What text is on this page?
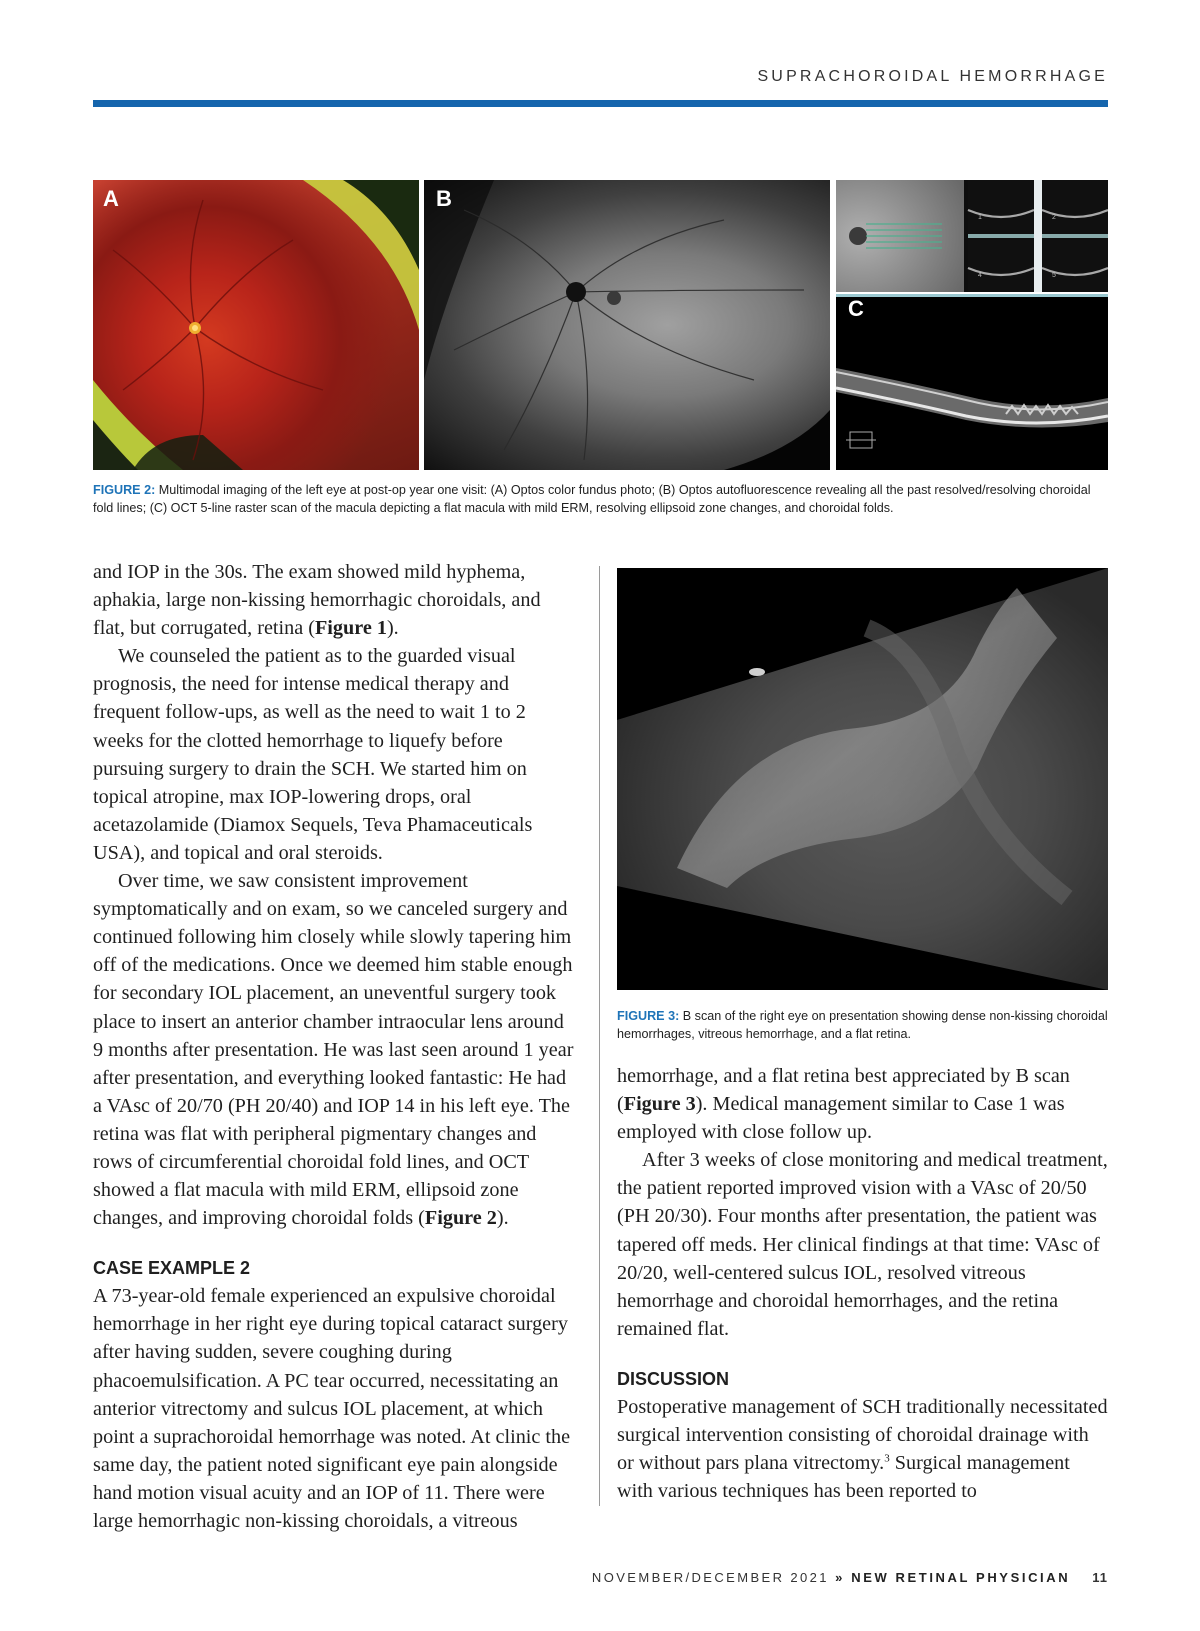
SUPRACHOROIDAL HEMORRHAGE
A	B
1	2
4	5
C
FIGURE 2: Multimodal imaging of the left eye at post-op year one visit: (A) Optos color fundus photo; (B) Optos autofluorescence revealing all the past resolved/resolving choroidal fold lines; (C) OCT 5-line raster scan of the macula depicting a flat macula with mild ERM, resolving ellipsoid zone changes, and choroidal folds.

and IOP in the 30s. The exam showed mild hyphema, aphakia, large non-kissing hemorrhagic choroidals, and flat, but corrugated, retina (Figure 1).

We counseled the patient as to the guarded visual prognosis, the need for intense medical therapy and frequent follow-ups, as well as the need to wait 1 to 2 weeks for the clotted hemorrhage to liquefy before pursuing surgery to drain the SCH. We started him on topical atropine, max IOP-lowering drops, oral acetazolamide (Diamox Sequels, Teva Phamaceuticals USA), and topical and oral steroids.

Over time, we saw consistent improvement symptomatically and on exam, so we canceled surgery and continued following him closely while slowly tapering him off of the medications. Once we deemed him stable enough for secondary IOL placement, an uneventful surgery took place to insert an anterior chamber intraocular lens around 9 months after presentation. He was last seen around 1 year after presentation, and everything looked fantastic: He had a VAsc of 20/70 (PH 20/40) and IOP 14 in his left eye. The retina was flat with peripheral pigmentary changes and rows of circumferential choroidal fold lines, and OCT showed a flat macula with mild ERM, ellipsoid zone changes, and improving choroidal folds (Figure 2).

CASE EXAMPLE 2

A 73-year-old female experienced an expulsive choroidal hemorrhage in her right eye during topical cataract surgery after having sudden, severe coughing during phacoemulsification. A PC tear occurred, necessitating an anterior vitrectomy and sulcus IOL placement, at which point a suprachoroidal hemorrhage was noted. At clinic the same day, the patient noted significant eye pain alongside hand motion visual acuity and an IOP of 11. There were large hemorrhagic non-kissing choroidals, a vitreous

FIGURE 3: B scan of the right eye on presentation showing dense non-kissing choroidal hemorrhages, vitreous hemorrhage, and a flat retina.

hemorrhage, and a flat retina best appreciated by B scan (Figure 3). Medical management similar to Case 1 was employed with close follow up.

After 3 weeks of close monitoring and medical treatment, the patient reported improved vision with a VAsc of 20/50 (PH 20/30). Four months after presentation, the patient was tapered off meds. Her clinical findings at that time: VAsc of 20/20, well-centered sulcus IOL, resolved vitreous hemorrhage and choroidal hemorrhages, and the retina remained flat.

DISCUSSION

Postoperative management of SCH traditionally necessitated surgical intervention consisting of choroidal drainage with or without pars plana vitrectomy.$^3$ Surgical management with various techniques has been reported to

NOVEMBER/DECEMBER 2021 » NEW RETINAL PHYSICIAN 11
